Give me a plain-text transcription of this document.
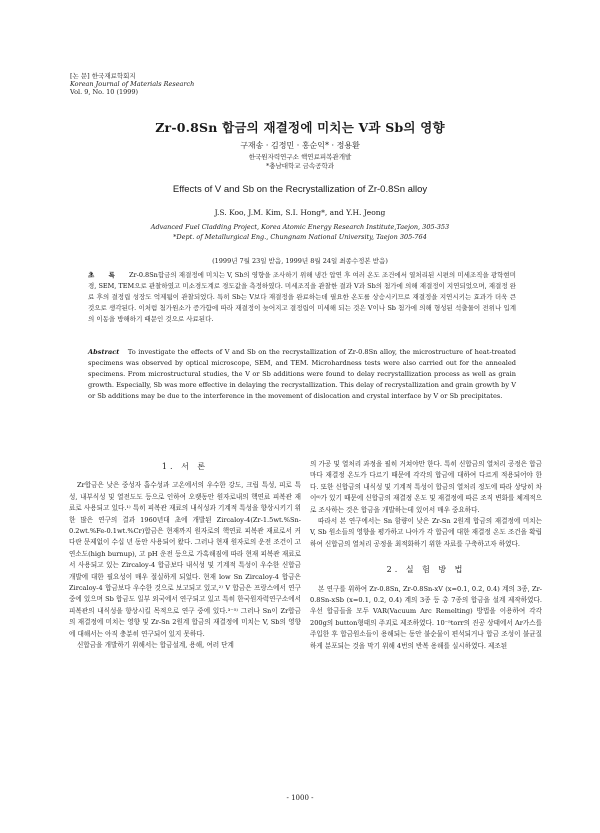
[논 문] 한국재료학회지
Korean Journal of Materials Research
Vol. 9, No. 10 (1999)
Zr-0.8Sn 합금의 재결정에 미치는 V과 Sb의 영향
구재송 · 김정민 · 홍순익* · 정용환
한국원자력연구소 핵연료피복관개발
*충남대학교 금속공학과
Effects of V and Sb on the Recrystallization of Zr-0.8Sn alloy
J.S. Koo, J.M. Kim, S.I. Hong*, and Y.H. Jeong
Advanced Fuel Cladding Project, Korea Atomic Energy Research Institute,Taejon, 305-353
*Dept. of Metallurgical Eng., Chungnam National University, Taejon 305-764
(1999년 7월 23일 받음, 1999년 8월 24일 최종수정본 받음)
초 록 Zr-0.8Sn합금의 재결정에 미치는 V, Sb의 영향을 조사하기 위해 냉간 압연 후 여러 온도 조건에서 열처리된 시편의 미세조직을 광학현미경, SEM, TEM으로 관찰하였고 미소경도계로 경도값을 측정하였다. 미세조직을 관찰한 결과 V과 Sb의 첨가에 의해 재결정이 지연되었으며, 재결정 완료 후의 결정립 성장도 억제됨이 관찰되었다. 특히 Sb는 V보다 재결정을 완료하는데 필요한 온도를 상승시키므로 재결정을 지연시키는 효과가 더욱 큰 것으로 생각된다. 이처럼 첨가원소가 증가함에 따라 재결정이 늦어지고 결정립이 미세해 되는 것은 V이나 Sb 첨가에 의해 형성된 석출물이 전위나 입계의 이동을 방해하기 때문인 것으로 사료된다.
Abstract To investigate the effects of V and Sb on the recrystallization of Zr-0.8Sn alloy, the microstructure of heat-treated specimens was observed by optical microscope, SEM, and TEM. Microhardness tests were also carried out for the annealed specimens. From microstructural studies, the V or Sb additions were found to delay recrystallization process as well as grain growth. Especially, Sb was more effective in delaying the recrystallization. This delay of recrystallization and grain growth by V or Sb additions may be due to the interference in the movement of dislocation and crystal interface by V or Sb precipitates.
1. 서 론

Zr합금은 낮은 중성자 흡수성과 고온에서의 우수한 강도, 크립 특성, 피로 특성, 내부식성 및 열전도도 등으로 인하여 오랫동안 원자로내의 핵연료 피복관 재료로 사용되고 있다.¹⁾ 특히 피복관 재료의 내식성과 기계적 특성을 향상시키기 위한 많은 연구의 결과 1960년대 초에 개발된 Zircaloy-4(Zr-1.5wt.%Sn-0.2wt.%Fe-0.1wt.%Cr)합금은 현재까지 원자로의 핵연료 피복관 재료로서 커다란 문제없이 수십 년 동안 사용되어 왔다. 그러나 현재 원자로의 운전 조건이 고연소도(high burnup), 고 pH 운전 등으로 가혹해짐에 따라 현재 피복관 재료로서 사용되고 있는 Zircaloy-4 합금보다 내식성 및 기계적 특성이 우수한 신합금 개발에 대한 필요성이 매우 절실하게 되었다. 현재 low Sn Zircaloy-4 합금은 Zircaloy-4 합금보다 우수한 것으로 보고되고 있고,²⁾ V 합금은 프랑스에서 연구 중에 있으며 Sb 합금도 일부 외국에서 연구되고 있고 특히 한국원자력연구소에서 피복관의 내식성을 향상시킬 목적으로 연구 중에 있다.³⁻⁵⁾ 그러나 Sn이 Zr합금의 재결정에 미치는 영향 및 Zr-Sn 2원계 합금의 재결정에 미치는 V, Sb의 영향에 대해서는 아직 충분히 연구되어 있지 못하다.

신합금을 개발하기 위해서는 합금설계, 용해, 여러 단계

의 가공 및 열처리 과정을 필히 거쳐야만 한다. 특히 신합금의 열처리 공정은 합금마다 재결정 온도가 다르기 때문에 각각의 합금에 대하여 다르게 적용되어야 한다. 또한 신합금의 내식성 및 기계적 특성이 합금의 열처리 정도에 따라 상당히 차이⁶⁾가 있기 때문에 신합금의 재결정 온도 및 재결정에 따른 조직 변화를 체계적으로 조사하는 것은 합금을 개발하는데 있어서 매우 중요하다.

따라서 본 연구에서는 Sn 함량이 낮은 Zr-Sn 2원계 합금의 재결정에 미치는 V, Sb 원소들의 영향을 평가하고 나아가 각 합금에 대한 재결정 온도 조건을 확립하여 신합금의 열처리 공정을 최적화하기 위한 자료를 구축하고자 하였다.

2. 실 험 방 법

본 연구를 위하여 Zr-0.8Sn, Zr-0.8Sn-xV (x=0.1, 0.2, 0.4) 계의 3종, Zr-0.8Sn-xSb (x=0.1, 0.2, 0.4) 계의 3종 등 총 7종의 합금을 설계 제작하였다. 우선 합금들을 모두 VAR(Vacuum Arc Remelting) 방법을 이용하여 각각 200g의 button형태의 주괴로 제조하였다. 10⁻⁵torr의 진공 상태에서 Ar가스를 주입한 후 합금원소들이 용해되는 동안 불순물이 편석되거나 합금 조성이 불균질하게 분포되는 것을 막기 위해 4번의 반복 용해를 실시하였다. 제조된

- 1000 -
